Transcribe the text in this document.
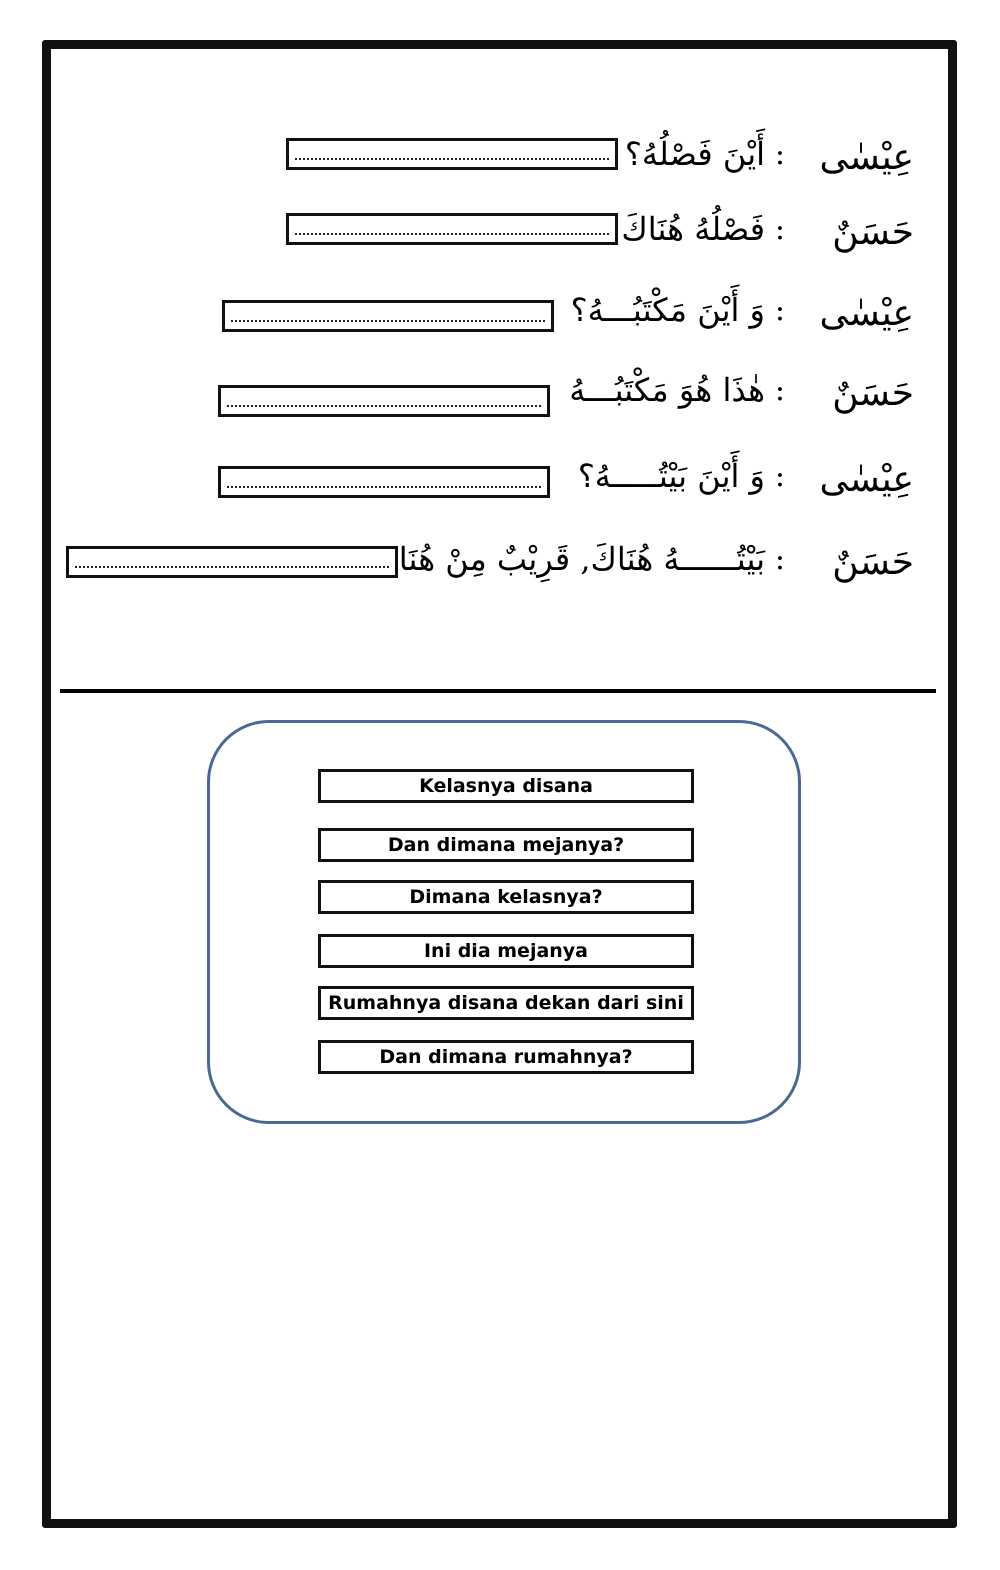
عِيْسٰى
:
أَيْنَ فَصْلُهُ؟
حَسَنٌ
:
فَصْلُهُ هُنَاكَ
عِيْسٰى
:
وَ أَيْنَ مَكْتَبُـــهُ؟
حَسَنٌ
:
هٰذَا هُوَ مَكْتَبُـــهُ
عِيْسٰى
:
وَ أَيْنَ بَيْتُـــــهُ؟
حَسَنٌ
:
بَيْتُــــــهُ هُنَاكَ, قَرِيْبٌ مِنْ هُنَا
Kelasnya disana
Dan dimana mejanya?
Dimana kelasnya?
Ini dia mejanya
Rumahnya disana dekan dari sini
Dan dimana rumahnya?
